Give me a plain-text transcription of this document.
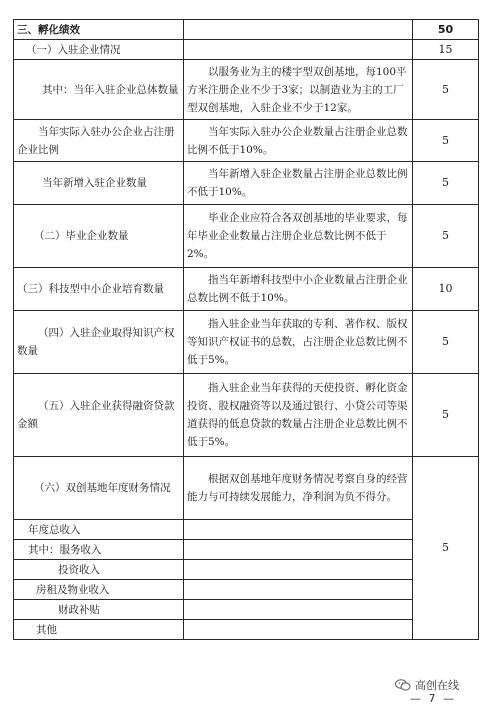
三、孵化绩效		50
（一）入驻企业情况		15
其中：当年入驻企业总体数量	以服务业为主的楼宇型双创基地，每100平方米注册企业不少于3家；以制造业为主的工厂型双创基地，入驻企业不少于12家。	5
当年实际入驻办公企业占注册企业比例	当年实际入驻办公企业数量占注册企业总数比例不低于10%。	5
当年新增入驻企业数量	当年新增入驻企业数量占注册企业总数比例不低于10%。	5
（二）毕业企业数量	毕业企业应符合各双创基地的毕业要求，每年毕业企业数量占注册企业总数比例不低于2%。	5
（三）科技型中小企业培育数量	指当年新增科技型中小企业数量占注册企业总数比例不低于10%。	10
（四）入驻企业取得知识产权数量	指入驻企业当年获取的专利、著作权、版权等知识产权证书的总数，占注册企业总数比例不低于5%。	5
（五）入驻企业获得融资贷款金额	指入驻企业当年获得的天使投资、孵化资金投资、股权融资等以及通过银行、小贷公司等渠道获得的低息贷款的数量占注册企业总数比例不低于5%。	5
（六）双创基地年度财务情况	根据双创基地年度财务情况考察自身的经营能力与可持续发展能力，净利润为负不得分。	5
年度总收入		
其中：服务收入		
投资收入		
房租及物业收入		
财政补贴		
其他		
高创在线
— 7 —
